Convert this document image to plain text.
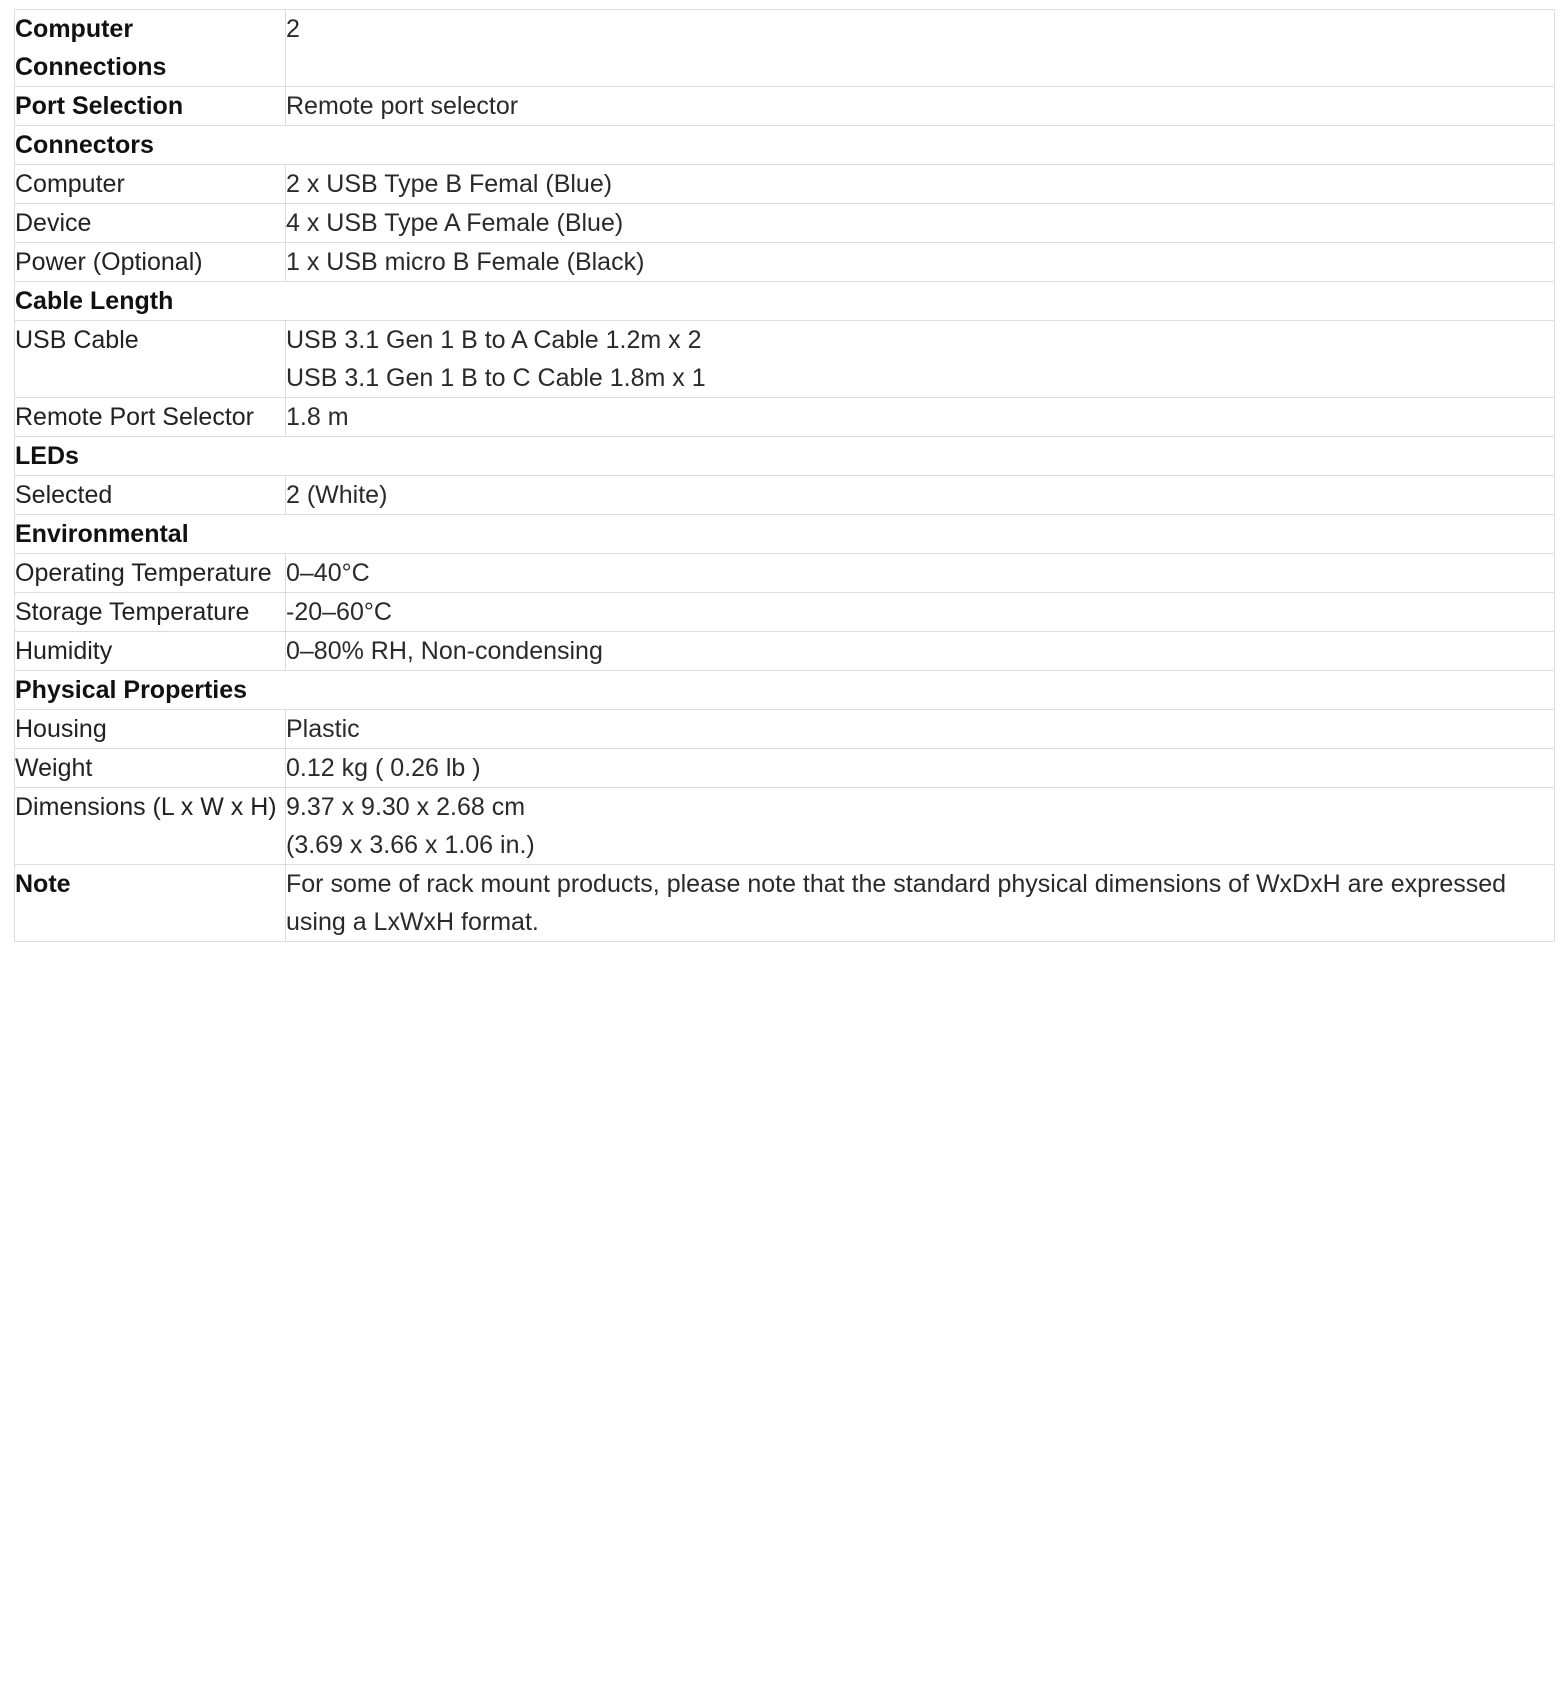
Computer Connections	2

Port Selection	Remote port selector

Connectors	
Computer	2 x USB Type B Femal (Blue)

Device	4 x USB Type A Female (Blue)

Power (Optional)	1 x USB micro B Female (Black)

Cable Length	
USB Cable	USB 3.1 Gen 1 B to A Cable 1.2m x 2
USB 3.1 Gen 1 B to C Cable 1.8m x 1

Remote Port Selector	1.8 m

LEDs	
Selected	2 (White)

Environmental	
Operating Temperature	0–40°C

Storage Temperature	-20–60°C

Humidity	0–80% RH, Non-condensing

Physical Properties	
Housing	Plastic

Weight	0.12 kg ( 0.26 lb )

Dimensions (L x W x H)	9.37 x 9.30 x 2.68 cm
(3.69 x 3.66 x 1.06 in.)

Note	For some of rack mount products, please note that the standard physical dimensions of WxDxH are expressed using a LxWxH format.
